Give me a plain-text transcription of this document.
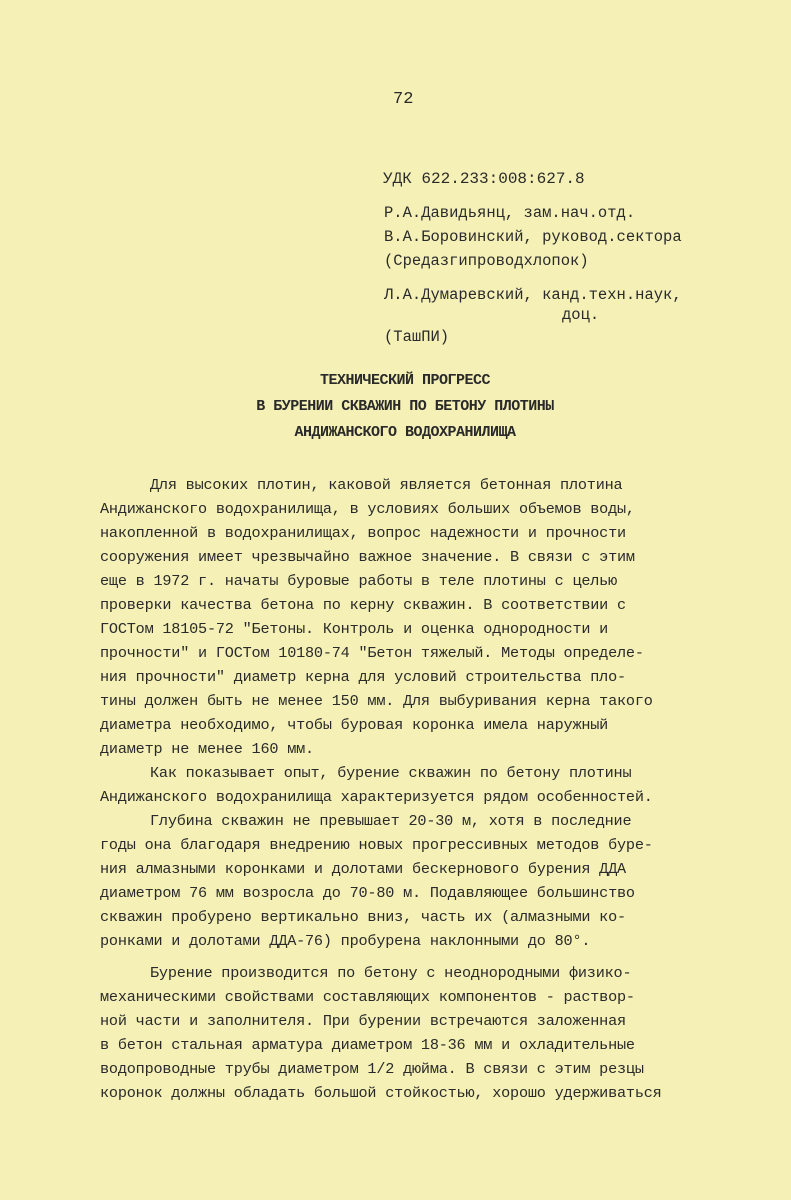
72
УДК 622.233:008:627.8
Р.А.Давидьянц, зам.нач.отд.
В.А.Боровинский, руковод.сектора
(Средазгипроводхлопок)
Л.А.Думаревский, канд.техн.наук,
доц.
(ТашПИ)
ТЕХНИЧЕСКИЙ ПРОГРЕСС
В БУРЕНИИ СКВАЖИН ПО БЕТОНУ ПЛОТИНЫ
АНДИЖАНСКОГО ВОДОХРАНИЛИЩА
Для высоких плотин, каковой является бетонная плотина
Андижанского водохранилища, в условиях больших объемов воды,
накопленной в водохранилищах, вопрос надежности и прочности
сооружения имеет чрезвычайно важное значение. В связи с этим
еще в 1972 г. начаты буровые работы в теле плотины с целью
проверки качества бетона по керну скважин. В соответствии с
ГОСТом 18105-72 "Бетоны. Контроль и оценка однородности и
прочности" и ГОСТом 10180-74 "Бетон тяжелый. Методы определе-
ния прочности" диаметр керна для условий строительства пло-
тины должен быть не менее 150 мм. Для выбуривания керна такого
диаметра необходимо, чтобы буровая коронка имела наружный
диаметр не менее 160 мм.
Как показывает опыт, бурение скважин по бетону плотины
Андижанского водохранилища характеризуется рядом особенностей.
Глубина скважин не превышает 20-30 м, хотя в последние
годы она благодаря внедрению новых прогрессивных методов буре-
ния алмазными коронками и долотами бескернового бурения ДДА
диаметром 76 мм возросла до 70-80 м. Подавляющее большинство
скважин пробурено вертикально вниз, часть их (алмазными ко-
ронками и долотами ДДА-76) пробурена наклонными до 80°.
Бурение производится по бетону с неоднородными физико-
механическими свойствами составляющих компонентов - раствор-
ной части и заполнителя. При бурении встречаются заложенная
в бетон стальная арматура диаметром 18-36 мм и охладительные
водопроводные трубы диаметром 1/2 дюйма. В связи с этим резцы
коронок должны обладать большой стойкостью, хорошо удерживаться
